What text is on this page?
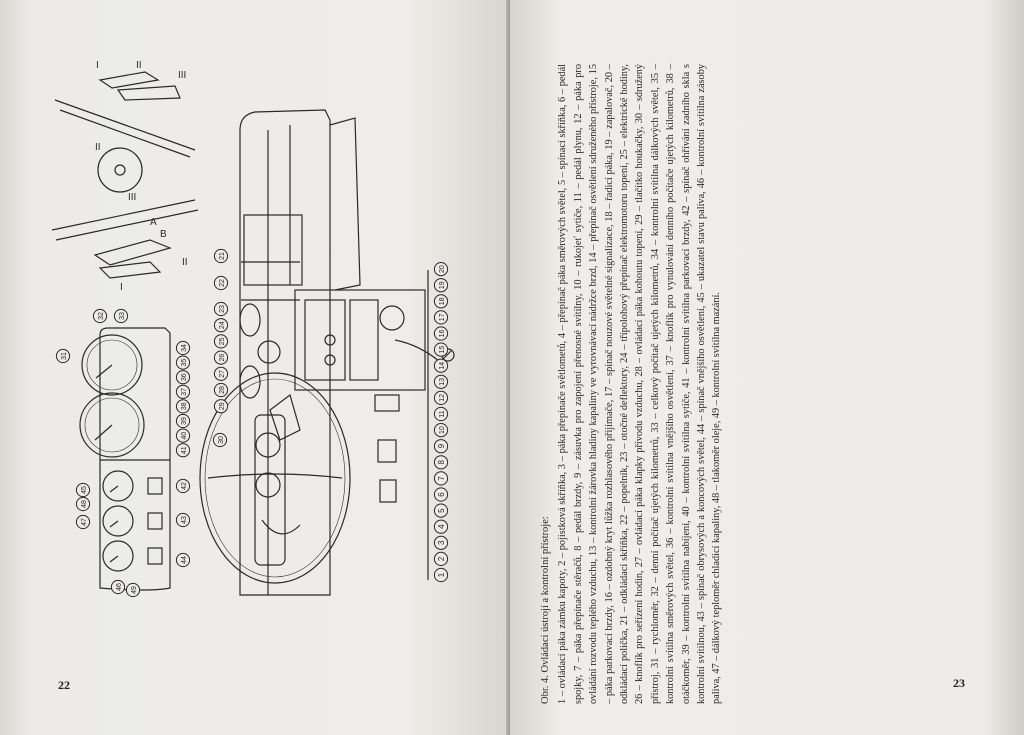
I	II
III
II
III
I
II
A
B
1
2
3
4
5
6
7
8
9
10
11
12
13
14
15
16
17
18
19
20
21
22
23
24
25
26
27
28
29
30
31
32 33
34
35
36
37
38
39
40
41
42
43
44
45
46
47
48
49
22	Obr. 4. Ovládací ústrojí a kontrolní přístroje: 1 – ovládací páka zámku kapoty, 2 – pojistková skříňka, 3 – páka přepínače světlometů, 4 – přepínač páka směrových světel, 5 – spínací skříňka, 6 – pedál spojky, 7 – páka přepínače stěračů, 8 – pedál brzdy, 9 – zásuvka pro zapojení přenosné svítilny, 10 – rukojeť sytiče, 11 – pedál plynu, 12 – páka pro ovládání rozvodu teplého vzduchu, 13 – kontrolní žárovka hladiny kapaliny ve vyrovnávací nádržce brzd, 14 – přepínač osvětlení sdruženého přístroje, 15 – páka parkovací brzdy, 16 – ozdobný kryt lůžka rozhlasového přijímače, 17 – spínač nouzové světelné signalizace, 18 – řadicí páka, 19 – zapalovač, 20 – odkládací polička, 21 – odkládací skříňka, 22 – popelník, 23 – otočné deflektory, 24 – třípolohový přepínač elektromotoru topení, 25 – elektrické hodiny, 26 – knoflík pro seřízení hodin, 27 – ovládací páka klapky přívodu vzduchu, 28 – ovládací páka kohoutu topení, 29 – tlačítko houkačky, 30 – sdružený přístroj, 31 – rychloměr, 32 – denní počítač ujetých kilometrů, 33 – celkový počítač ujetých kilometrů, 34 – kontrolní svítilna dálkových světel, 35 – kontrolní svítilna směrových světel, 36 – kontrolní svítilna vnějšího osvětlení, 37 – knoflík pro vynulování denního počítače ujetých kilometrů, 38 – otáčkoměr, 39 – kontrolní svítilna nabíjení, 40 – kontrolní svítilna sytiče, 41 – kontrolní svítilna parkovací brzdy, 42 – spínač ohřívání zadního skla s kontrolní svítilnou, 43 – spínač obrysových a koncových světel, 44 – spínač vnějšího osvětlení, 45 – ukazatel stavu paliva, 46 – kontrolní svítilna zásoby paliva, 47 – dálkový teploměr chladicí kapaliny, 48 – tlakoměr oleje, 49 – kontrolní svítilna mazání.	23
